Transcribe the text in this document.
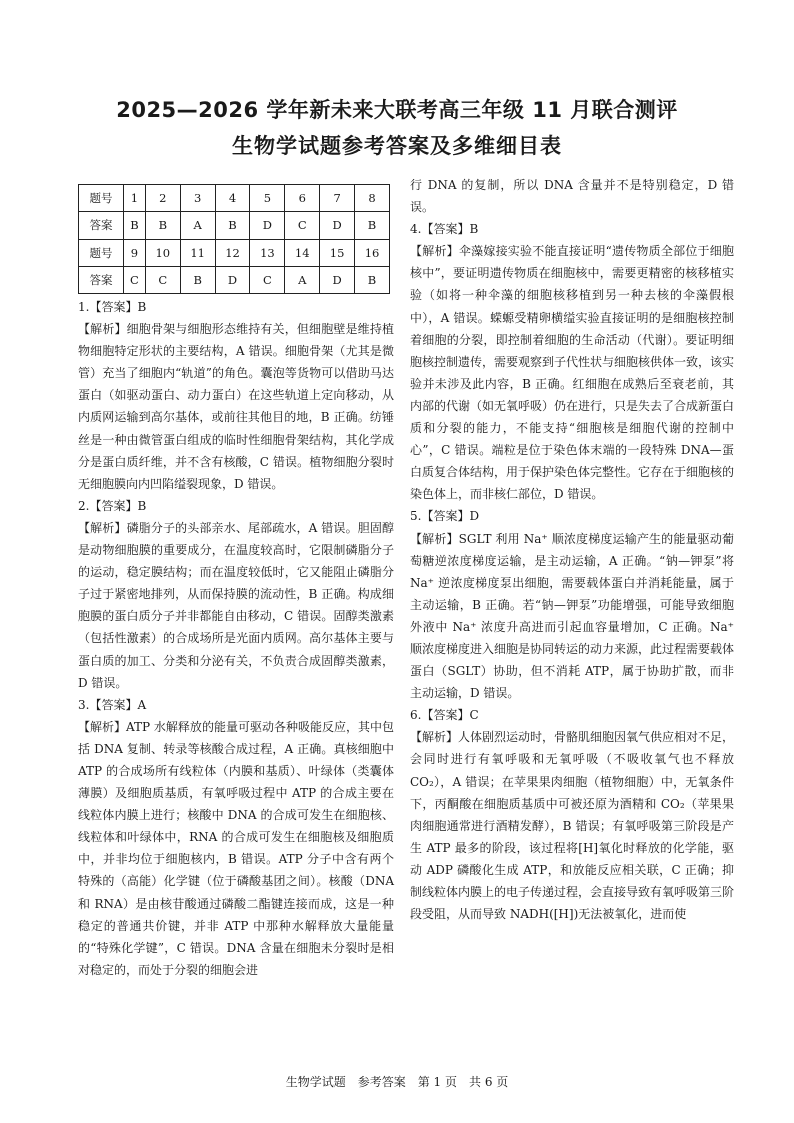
2025—2026 学年新未来大联考高三年级 11 月联合测评
生物学试题参考答案及多维细目表
题号	1	2	3	4	5	6	7	8
答案	B	B	A	B	D	C	D	B
题号	9	10	11	12	13	14	15	16
答案	C	C	B	D	C	A	D	B

1.【答案】B

【解析】细胞骨架与细胞形态维持有关，但细胞壁是维持植物细胞特定形状的主要结构，A 错误。细胞骨架（尤其是微管）充当了细胞内“轨道”的角色。囊泡等货物可以借助马达蛋白（如驱动蛋白、动力蛋白）在这些轨道上定向移动，从内质网运输到高尔基体，或前往其他目的地，B 正确。纺锤丝是一种由微管蛋白组成的临时性细胞骨架结构，其化学成分是蛋白质纤维，并不含有核酸，C 错误。植物细胞分裂时无细胞膜向内凹陷缢裂现象，D 错误。

2.【答案】B

【解析】磷脂分子的头部亲水、尾部疏水，A 错误。胆固醇是动物细胞膜的重要成分，在温度较高时，它限制磷脂分子的运动，稳定膜结构；而在温度较低时，它又能阻止磷脂分子过于紧密地排列，从而保持膜的流动性，B 正确。构成细胞膜的蛋白质分子并非都能自由移动，C 错误。固醇类激素（包括性激素）的合成场所是光面内质网。高尔基体主要与蛋白质的加工、分类和分泌有关，不负责合成固醇类激素，D 错误。

3.【答案】A

【解析】ATP 水解释放的能量可驱动各种吸能反应，其中包括 DNA 复制、转录等核酸合成过程，A 正确。真核细胞中 ATP 的合成场所有线粒体（内膜和基质）、叶绿体（类囊体薄膜）及细胞质基质，有氧呼吸过程中 ATP 的合成主要在线粒体内膜上进行；核酸中 DNA 的合成可发生在细胞核、线粒体和叶绿体中，RNA 的合成可发生在细胞核及细胞质中，并非均位于细胞核内，B 错误。ATP 分子中含有两个特殊的（高能）化学键（位于磷酸基团之间）。核酸（DNA 和 RNA）是由核苷酸通过磷酸二酯键连接而成，这是一种稳定的普通共价键，并非 ATP 中那种水解释放大量能量的“特殊化学键”，C 错误。DNA 含量在细胞未分裂时是相对稳定的，而处于分裂的细胞会进

行 DNA 的复制，所以 DNA 含量并不是特别稳定，D 错误。

4.【答案】B

【解析】伞藻嫁接实验不能直接证明“遗传物质全部位于细胞核中”，要证明遗传物质在细胞核中，需要更精密的核移植实验（如将一种伞藻的细胞核移植到另一种去核的伞藻假根中），A 错误。蝾螈受精卵横缢实验直接证明的是细胞核控制着细胞的分裂，即控制着细胞的生命活动（代谢）。要证明细胞核控制遗传，需要观察到子代性状与细胞核供体一致，该实验并未涉及此内容，B 正确。红细胞在成熟后至衰老前，其内部的代谢（如无氧呼吸）仍在进行，只是失去了合成新蛋白质和分裂的能力，不能支持“细胞核是细胞代谢的控制中心”，C 错误。端粒是位于染色体末端的一段特殊 DNA—蛋白质复合体结构，用于保护染色体完整性。它存在于细胞核的染色体上，而非核仁部位，D 错误。

5.【答案】D

【解析】SGLT 利用 Na⁺ 顺浓度梯度运输产生的能量驱动葡萄糖逆浓度梯度运输，是主动运输，A 正确。“钠—钾泵”将 Na⁺ 逆浓度梯度泵出细胞，需要载体蛋白并消耗能量，属于主动运输，B 正确。若“钠—钾泵”功能增强，可能导致细胞外液中 Na⁺ 浓度升高进而引起血容量增加，C 正确。Na⁺ 顺浓度梯度进入细胞是协同转运的动力来源，此过程需要载体蛋白（SGLT）协助，但不消耗 ATP，属于协助扩散，而非主动运输，D 错误。

6.【答案】C

【解析】人体剧烈运动时，骨骼肌细胞因氧气供应相对不足，会同时进行有氧呼吸和无氧呼吸（不吸收氧气也不释放 CO₂），A 错误；在苹果果肉细胞（植物细胞）中，无氧条件下，丙酮酸在细胞质基质中可被还原为酒精和 CO₂（苹果果肉细胞通常进行酒精发酵），B 错误；有氧呼吸第三阶段是产生 ATP 最多的阶段，该过程将[H]氧化时释放的化学能，驱动 ADP 磷酸化生成 ATP，和放能反应相关联，C 正确；抑制线粒体内膜上的电子传递过程，会直接导致有氧呼吸第三阶段受阻，从而导致 NADH([H])无法被氧化，进而使

生物学试题　参考答案　第 1 页　共 6 页
